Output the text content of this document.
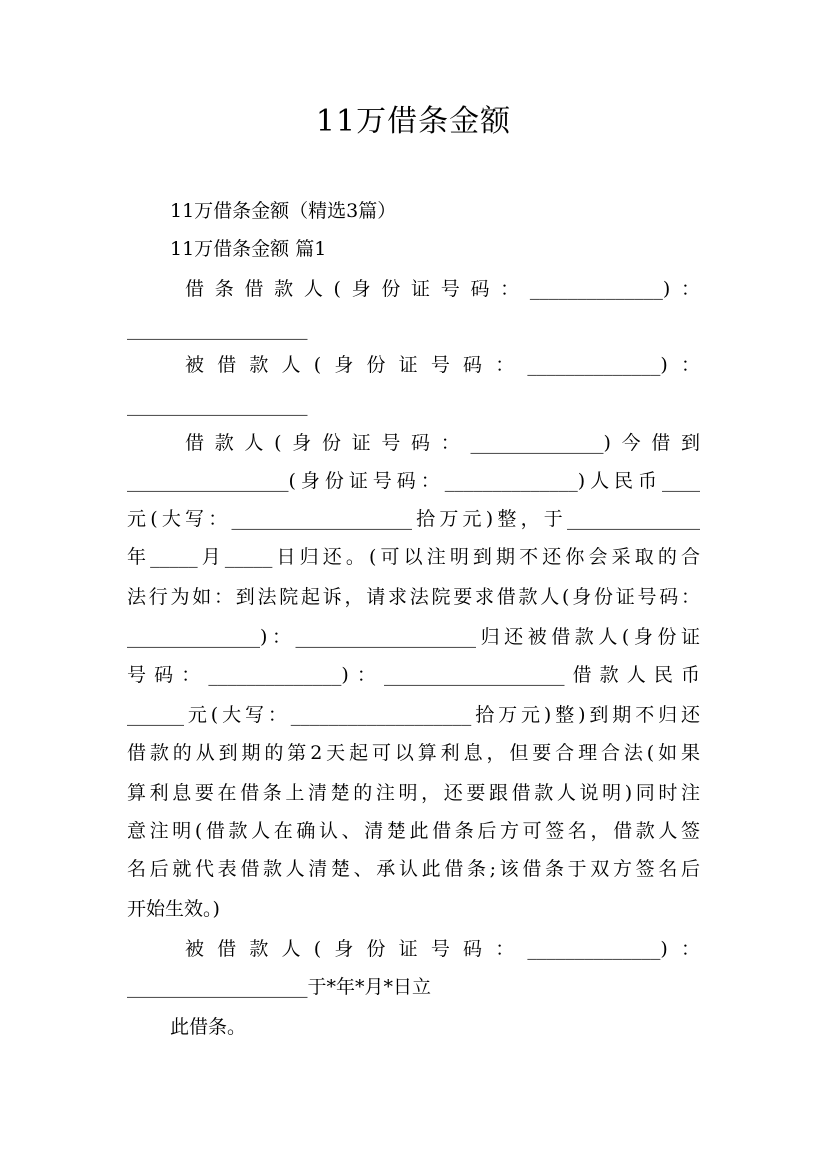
11万借条金额
11万借条金额（精选3篇）
11万借条金额 篇1
借条借款人(身份证号码：______________)：
___________________
被借款人(身份证号码：______________)：
___________________
借款人(身份证号码：______________)今借到
_________________(身份证号码：______________)人民币____
元(大写：___________________拾万元)整，于______________
年_____月_____日归还。(可以注明到期不还你会采取的合
法行为如：到法院起诉，请求法院要求借款人(身份证号码：
______________)：___________________归还被借款人(身份证
号码：______________)：___________________借款人民币
______元(大写：___________________拾万元)整)到期不归还
借款的从到期的第2天起可以算利息，但要合理合法(如果
算利息要在借条上清楚的注明，还要跟借款人说明)同时注
意注明(借款人在确认、清楚此借条后方可签名，借款人签
名后就代表借款人清楚、承认此借条;该借条于双方签名后
开始生效。)
被借款人(身份证号码：______________)：
___________________于*年*月*日立
此借条。
